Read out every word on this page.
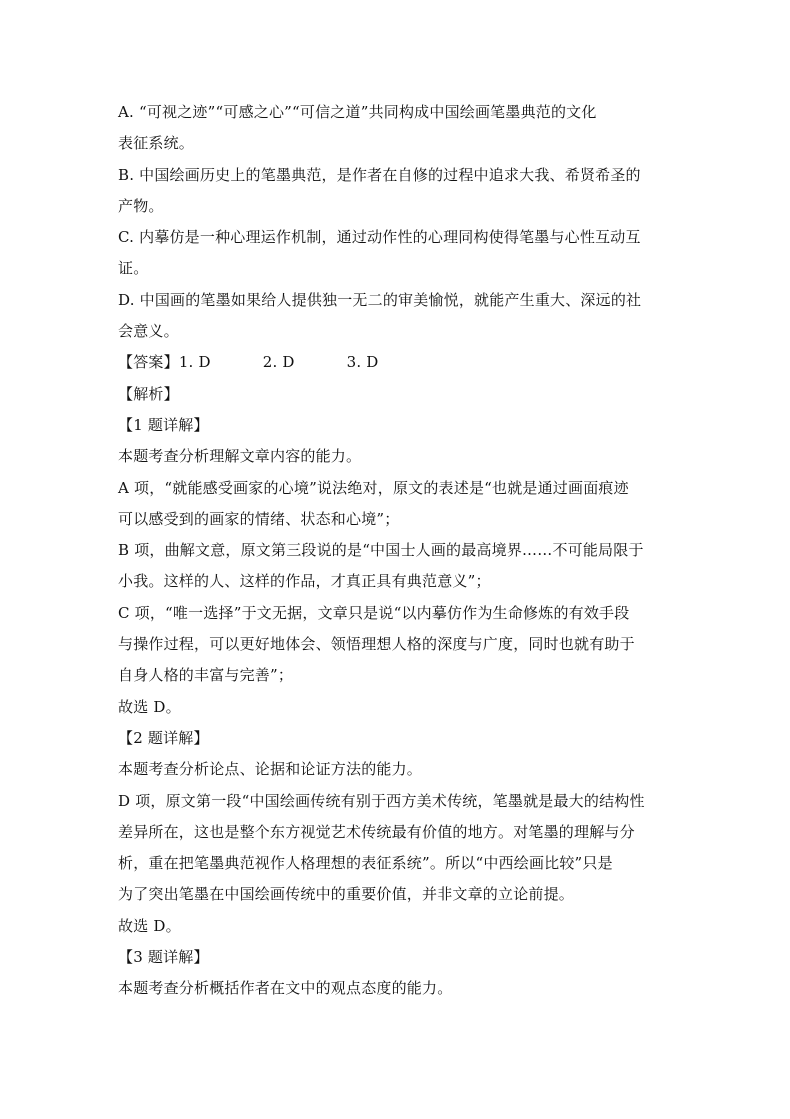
A. “可视之迹”“可感之心”“可信之道”共同构成中国绘画笔墨典范的文化
表征系统。
B. 中国绘画历史上的笔墨典范，是作者在自修的过程中追求大我、希贤希圣的
产物。
C. 内摹仿是一种心理运作机制，通过动作性的心理同构使得笔墨与心性互动互
证。
D. 中国画的笔墨如果给人提供独一无二的审美愉悦，就能产生重大、深远的社
会意义。
【答案】1. D	2. D	3. D
【解析】
【1 题详解】
本题考查分析理解文章内容的能力。
A 项，“就能感受画家的心境”说法绝对，原文的表述是“也就是通过画面痕迹
可以感受到的画家的情绪、状态和心境”；
B 项，曲解文意，原文第三段说的是“中国士人画的最高境界……不可能局限于
小我。这样的人、这样的作品，才真正具有典范意义”；
C 项，“唯一选择”于文无据，文章只是说“以内摹仿作为生命修炼的有效手段
与操作过程，可以更好地体会、领悟理想人格的深度与广度，同时也就有助于
自身人格的丰富与完善”；
故选 D。
【2 题详解】
本题考查分析论点、论据和论证方法的能力。
D 项，原文第一段“中国绘画传统有别于西方美术传统，笔墨就是最大的结构性
差异所在，这也是整个东方视觉艺术传统最有价值的地方。对笔墨的理解与分
析，重在把笔墨典范视作人格理想的表征系统”。所以“中西绘画比较”只是
为了突出笔墨在中国绘画传统中的重要价值，并非文章的立论前提。
故选 D。
【3 题详解】
本题考查分析概括作者在文中的观点态度的能力。
